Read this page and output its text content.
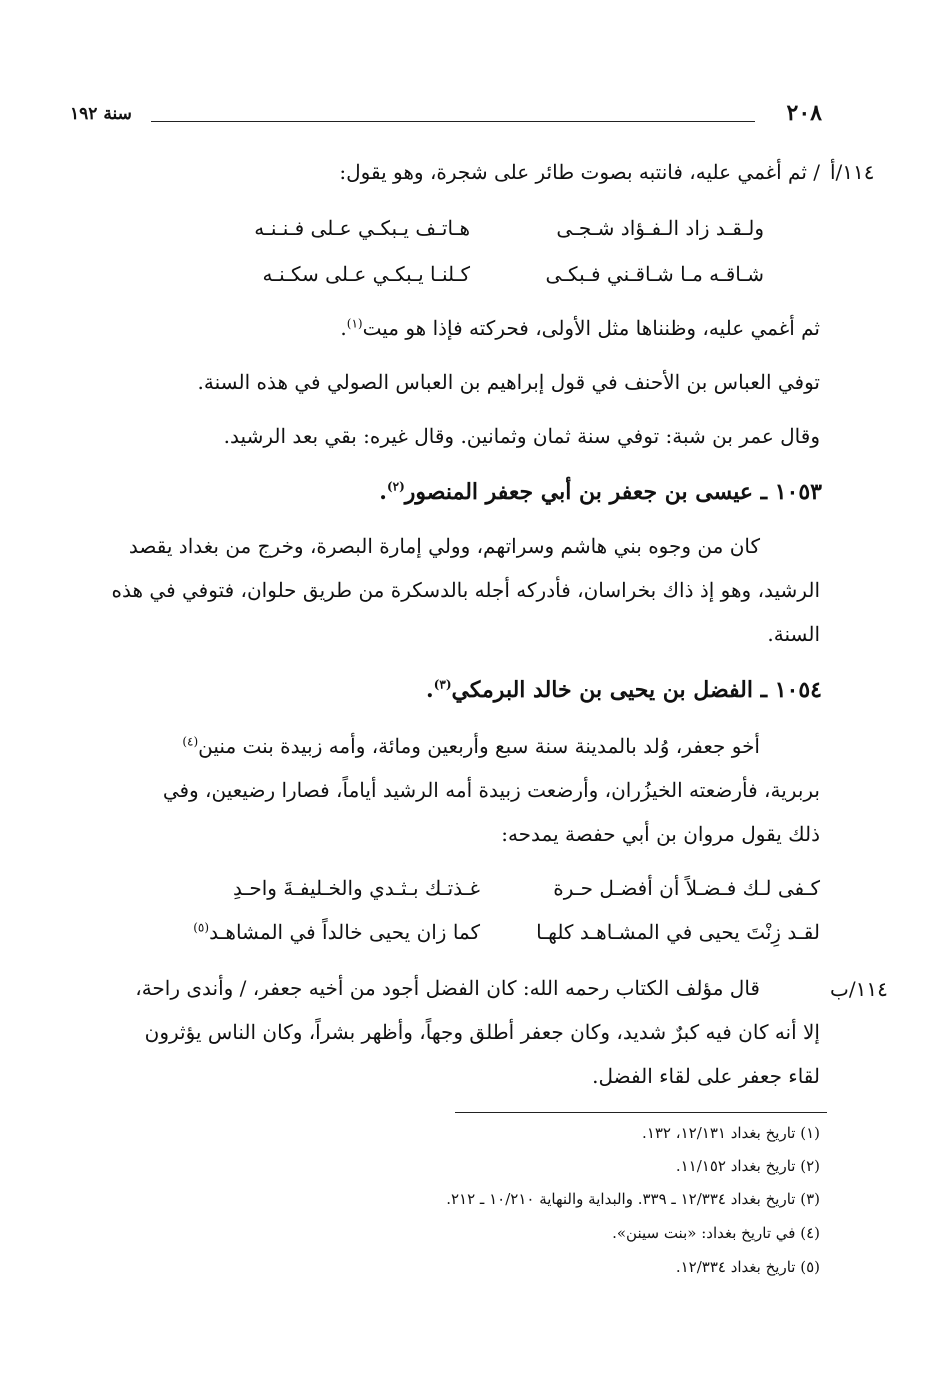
٢٠٨
سنة ١٩٢
١١٤/أ
١١٤/ب
/ ثم أغمي عليه، فانتبه بصوت طائر على شجرة، وهو يقول:
ولـقـد زاد الـفـؤاد شـجـى
هـاتـف يـبكـي عـلى فـنـنـه
شـاقـه مـا شـاقـني فـبكـى
كـلنـا يـبكـي عـلى سكـنـه
ثم أغمي عليه، وظنناها مثل الأولى، فحركته فإذا هو ميت$^{(١)}$.
توفي العباس بن الأحنف في قول إبراهيم بن العباس الصولي في هذه السنة.
وقال عمر بن شبة: توفي سنة ثمان وثمانين. وقال غيره: بقي بعد الرشيد.
١٠٥٣ ـ عيسى بن جعفر بن أبي جعفر المنصور$^{(٢)}$.
كان من وجوه بني هاشم وسراتهم، وولي إمارة البصرة، وخرج من بغداد يقصد
الرشيد، وهو إذ ذاك بخراسان، فأدركه أجله بالدسكرة من طريق حلوان، فتوفي في هذه
السنة.
١٠٥٤ ـ الفضل بن يحيى بن خالد البرمكي$^{(٣)}$.
أخو جعفر، وُلد بالمدينة سنة سبع وأربعين ومائة، وأمه زبيدة بنت منين$^{(٤)}$
بربرية، فأرضعته الخيزُران، وأرضعت زبيدة أمه الرشيد أياماً، فصارا رضيعين، وفي
ذلك يقول مروان بن أبي حفصة يمدحه:
كـفى لـك فـضـلاً أن أفضـل حـرة
غـذتـك بـثـدي والخـليفـةَ واحـدِ
لقـد زِنْتَ يحيى في المشـاهـد كلهـا
كما زان يحيى خالداً في المشاهـد$^{(٥)}$
قال مؤلف الكتاب رحمه الله: كان الفضل أجود من أخيه جعفر، / وأندى راحة،
إلا أنه كان فيه كبرٌ شديد، وكان جعفر أطلق وجهاً، وأظهر بشراً، وكان الناس يؤثرون
لقاء جعفر على لقاء الفضل.
(١) تاريخ بغداد ١٢/١٣١، ١٣٢.
(٢) تاريخ بغداد ١١/١٥٢.
(٣) تاريخ بغداد ١٢/٣٣٤ ـ ٣٣٩. والبداية والنهاية ١٠/٢١٠ ـ ٢١٢.
(٤) في تاريخ بغداد: «بنت سينن».
(٥) تاريخ بغداد ١٢/٣٣٤.
